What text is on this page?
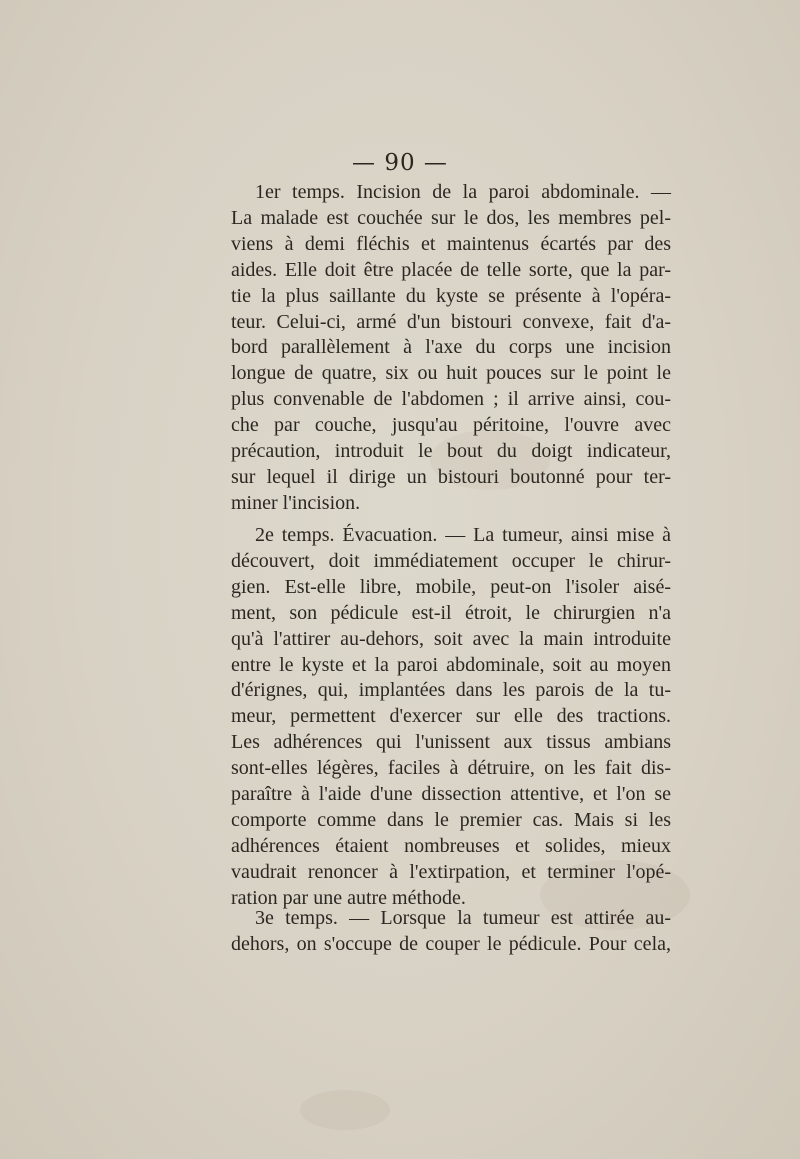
— 90 —
1er temps. Incision de la paroi abdominale. —
La malade est couchée sur le dos, les membres pel-
viens à demi fléchis et maintenus écartés par des
aides. Elle doit être placée de telle sorte, que la par-
tie la plus saillante du kyste se présente à l'opéra-
teur. Celui-ci, armé d'un bistouri convexe, fait d'a-
bord parallèlement à l'axe du corps une incision
longue de quatre, six ou huit pouces sur le point le
plus convenable de l'abdomen ; il arrive ainsi, cou-
che par couche, jusqu'au péritoine, l'ouvre avec
précaution, introduit le bout du doigt indicateur,
sur lequel il dirige un bistouri boutonné pour ter-
miner l'incision.
2e temps. Évacuation. — La tumeur, ainsi mise à
découvert, doit immédiatement occuper le chirur-
gien. Est-elle libre, mobile, peut-on l'isoler aisé-
ment, son pédicule est-il étroit, le chirurgien n'a
qu'à l'attirer au-dehors, soit avec la main introduite
entre le kyste et la paroi abdominale, soit au moyen
d'érignes, qui, implantées dans les parois de la tu-
meur, permettent d'exercer sur elle des tractions.
Les adhérences qui l'unissent aux tissus ambians
sont-elles légères, faciles à détruire, on les fait dis-
paraître à l'aide d'une dissection attentive, et l'on se
comporte comme dans le premier cas. Mais si les
adhérences étaient nombreuses et solides, mieux
vaudrait renoncer à l'extirpation, et terminer l'opé-
ration par une autre méthode.
3e temps. — Lorsque la tumeur est attirée au-
dehors, on s'occupe de couper le pédicule. Pour cela,
